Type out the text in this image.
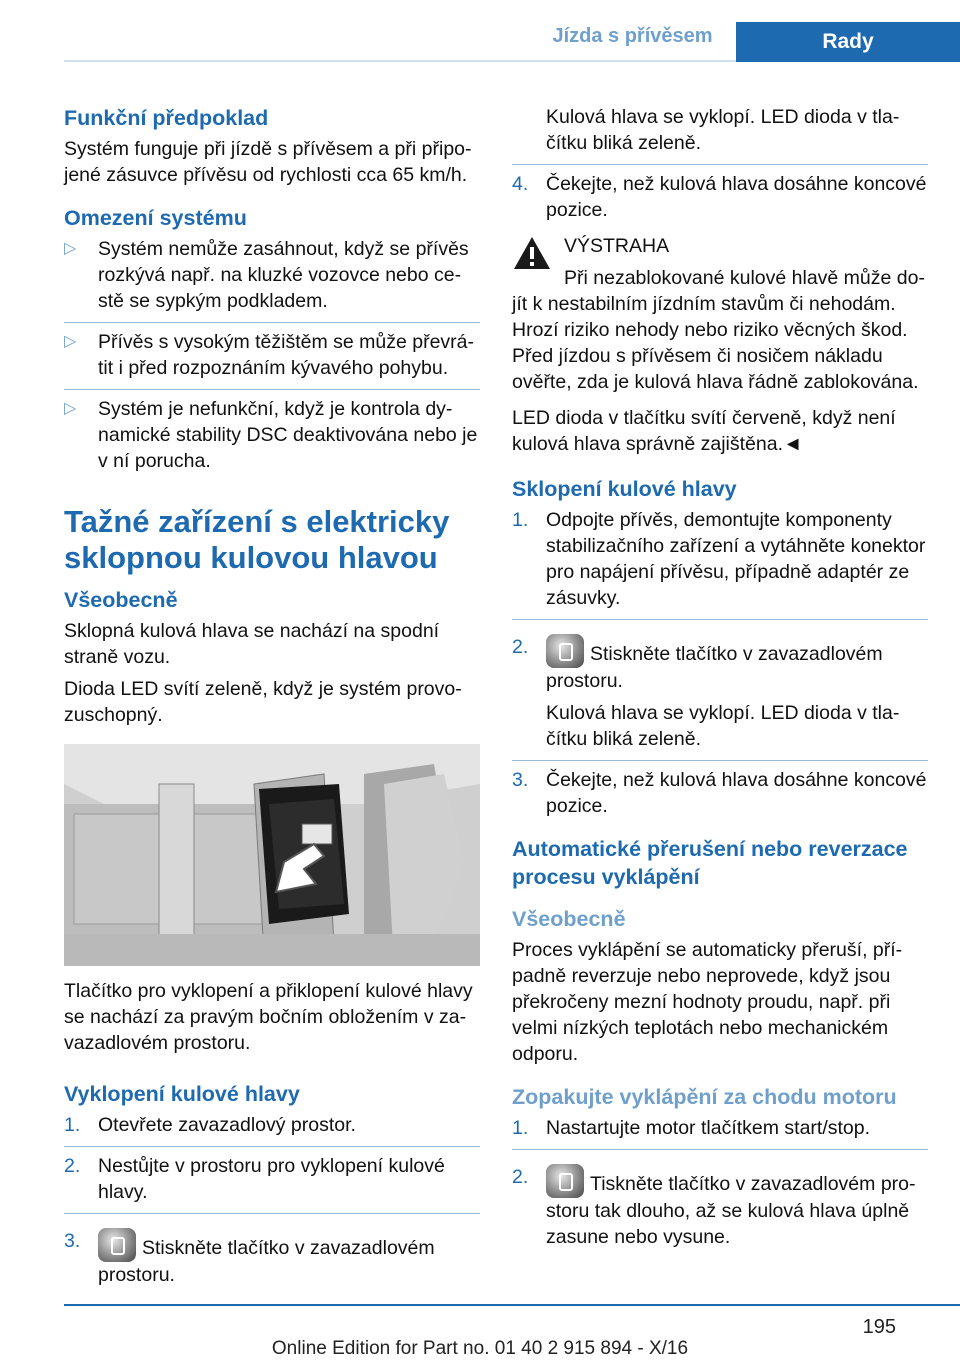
Jízda s přívěsem	Rady
Funkční předpoklad

Systém funguje při jízdě s přívěsem a při připojené zásuvce přívěsu od rychlosti cca 65 km/h.

Omezení systému
▷ Systém nemůže zasáhnout, když se přívěs rozkývá např. na kluzké vozovce nebo cestě se sypkým podkladem.
▷ Přívěs s vysokým těžištěm se může převrátit i před rozpoznáním kývavého pohybu.
▷ Systém je nefunkční, když je kontrola dynamické stability DSC deaktivována nebo je v ní porucha.
Tažné zařízení s elektricky sklopnou kulovou hlavou
Všeobecně

Sklopná kulová hlava se nachází na spodní straně vozu.

Dioda LED svítí zeleně, když je systém provozuschopný.

Tlačítko pro vyklopení a přiklopení kulové hlavy se nachází za pravým bočním obložením v zavazadlovém prostoru.

Vyklopení kulové hlavy
1. Otevřete zavazadlový prostor.
2. Nestůjte v prostoru pro vyklopení kulové hlavy.
3.	Stiskněte tlačítko v zavazadlovém prostoru.
Kulová hlava se vyklopí. LED dioda v tlačítku bliká zeleně.
4. Čekejte, než kulová hlava dosáhne koncové pozice.
VÝSTRAHA

Při nezablokované kulové hlavě může dojít k nestabilním jízdním stavům či nehodám. Hrozí riziko nehody nebo riziko věcných škod. Před jízdou s přívěsem či nosičem nákladu ověřte, zda je kulová hlava řádně zablokována.

LED dioda v tlačítku svítí červeně, když není kulová hlava správně zajištěna.◄

Sklopení kulové hlavy
1. Odpojte přívěs, demontujte komponenty stabilizačního zařízení a vytáhněte konektor pro napájení přívěsu, případně adaptér ze zásuvky.
2.	Stiskněte tlačítko v zavazadlovém prostoru.
Kulová hlava se vyklopí. LED dioda v tlačítku bliká zeleně.
3. Čekejte, než kulová hlava dosáhne koncové pozice.
Automatické přerušení nebo reverzace procesu vyklápění
Všeobecně

Proces vyklápění se automaticky přeruší, případně reverzuje nebo neprovede, když jsou překročeny mezní hodnoty proudu, např. při velmi nízkých teplotách nebo mechanickém odporu.

Zopakujte vyklápění za chodu motoru
1. Nastartujte motor tlačítkem start/stop.
2.	Tiskněte tlačítko v zavazadlovém prostoru tak dlouho, až se kulová hlava úplně zasune nebo vysune.
195
Online Edition for Part no. 01 40 2 915 894 - X/16
